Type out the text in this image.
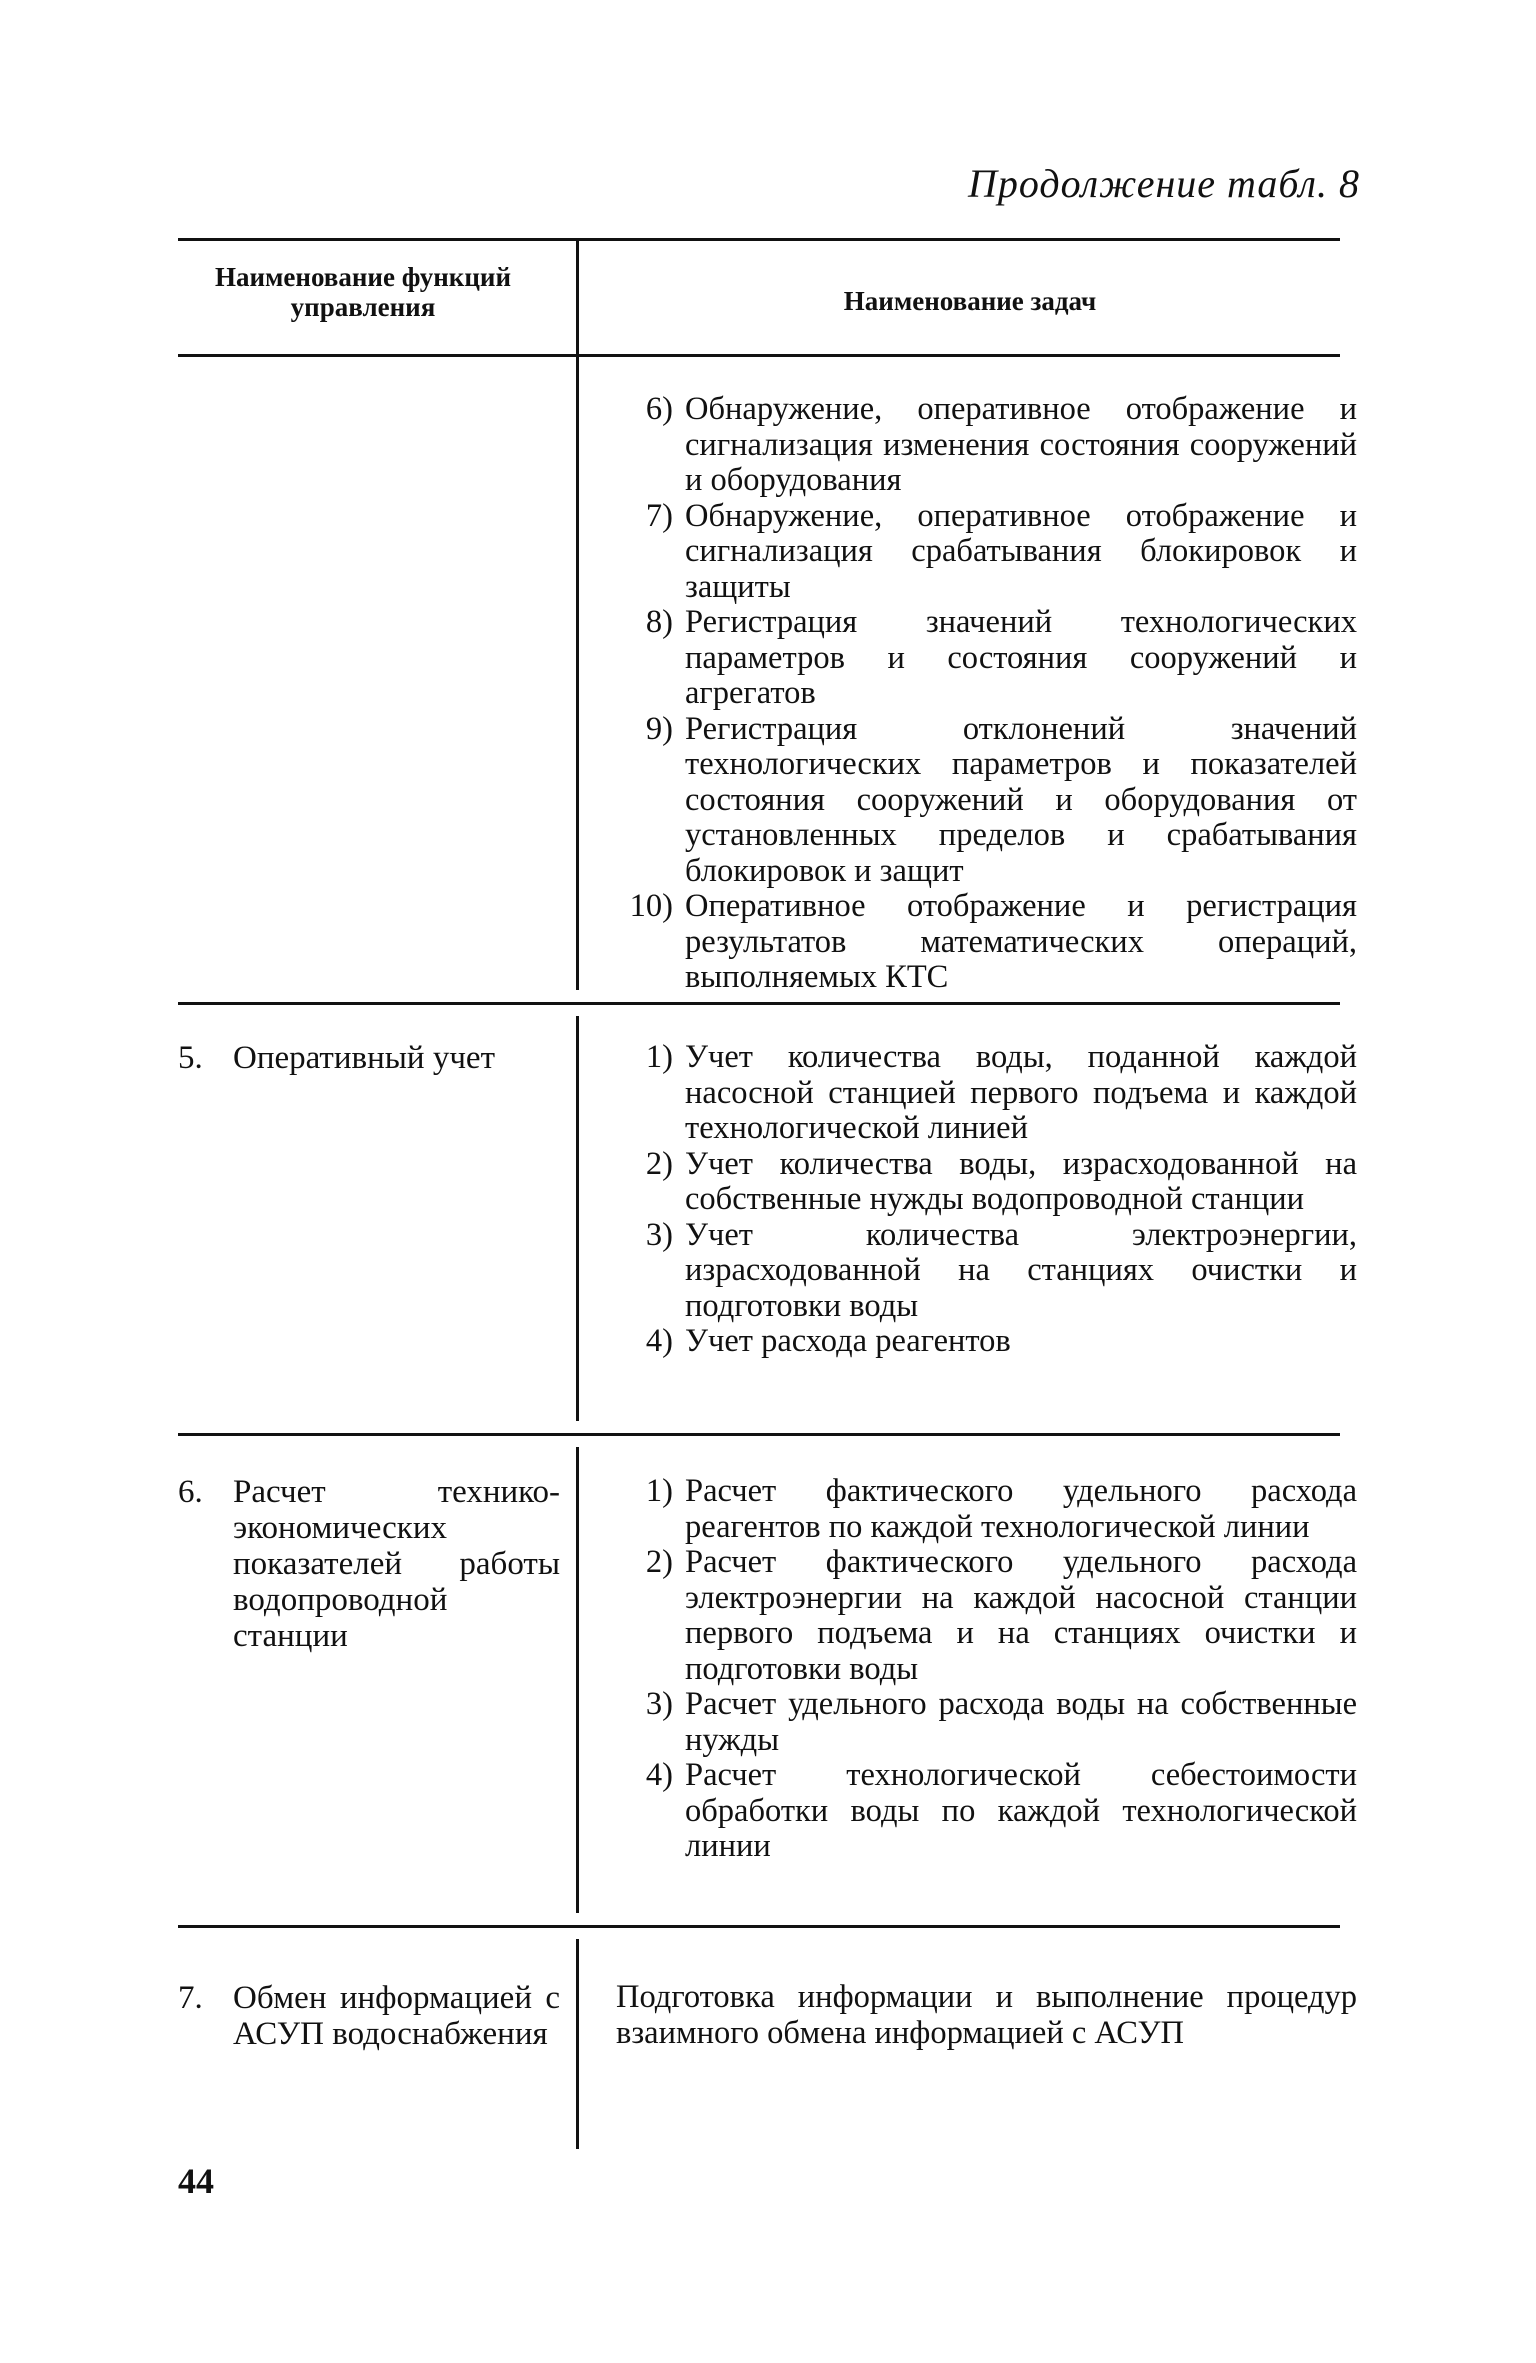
Продолжение табл. 8
Наименование функций управления	Наименование задач
6) Обнаружение, оперативное отображение и сигнализация изменения состояния сооружений и оборудования
7) Обнаружение, оперативное отображение и сигнализация срабатывания блокировок и защиты
8) Регистрация значений технологических параметров и состояния сооружений и агрегатов
9) Регистрация отклонений значений технологических параметров и показателей состояния сооружений и оборудования от установленных пределов и срабатывания блокировок и защит
10) Оперативное отображение и регистрация результатов математических операций, выполняемых КТС
5. Оперативный учет	1) Учет количества воды, поданной каждой насосной станцией первого подъема и каждой технологической линией
2) Учет количества воды, израсходованной на собственные нужды водопроводной станции
3) Учет количества электроэнергии, израсходованной на станциях очистки и подготовки воды
4) Учет расхода реагентов
6. Расчет технико-экономических показателей работы водопроводной станции
1) Расчет фактического удельного расхода реагентов по каждой технологической линии
2) Расчет фактического удельного расхода электроэнергии на каждой насосной станции первого подъема и на станциях очистки и подготовки воды
3) Расчет удельного расхода воды на собственные нужды
4) Расчет технологической себестоимости обработки воды по каждой технологической линии
7. Обмен информацией с АСУП водоснабжения
Подготовка информации и выполнение процедур взаимного обмена информацией с АСУП
44
